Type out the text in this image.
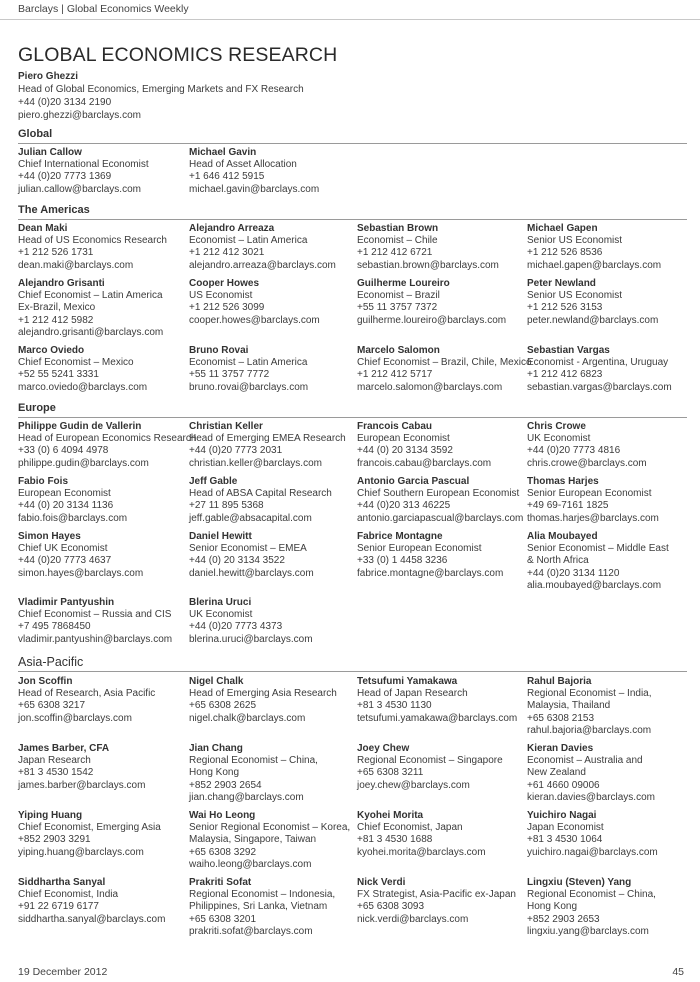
Barclays | Global Economics Weekly
GLOBAL ECONOMICS RESEARCH
Piero Ghezzi
Head of Global Economics, Emerging Markets and FX Research
+44 (0)20 3134 2190
piero.ghezzi@barclays.com
Global
Julian Callow
Chief International Economist
+44 (0)20 7773 1369
julian.callow@barclays.com
Michael Gavin
Head of Asset Allocation
+1 646 412 5915
michael.gavin@barclays.com
The Americas
Dean Maki
Head of US Economics Research
+1 212 526 1731
dean.maki@barclays.com
Alejandro Arreaza
Economist – Latin America
+1 212 412 3021
alejandro.arreaza@barclays.com
Sebastian Brown
Economist – Chile
+1 212 412 6721
sebastian.brown@barclays.com
Michael Gapen
Senior US Economist
+1 212 526 8536
michael.gapen@barclays.com
Alejandro Grisanti
Chief Economist – Latin America
Ex-Brazil, Mexico
+1 212 412 5982
alejandro.grisanti@barclays.com
Cooper Howes
US Economist
+1 212 526 3099
cooper.howes@barclays.com
Guilherme Loureiro
Economist – Brazil
+55 11 3757 7372
guilherme.loureiro@barclays.com
Peter Newland
Senior US Economist
+1 212 526 3153
peter.newland@barclays.com
Marco Oviedo
Chief Economist – Mexico
+52 55 5241 3331
marco.oviedo@barclays.com
Bruno Rovai
Economist – Latin America
+55 11 3757 7772
bruno.rovai@barclays.com
Marcelo Salomon
Chief Economist – Brazil, Chile, Mexico
+1 212 412 5717
marcelo.salomon@barclays.com
Sebastian Vargas
Economist - Argentina, Uruguay
+1 212 412 6823
sebastian.vargas@barclays.com
Europe
Philippe Gudin de Vallerin
Head of European Economics Research
+33 (0) 6 4094 4978
philippe.gudin@barclays.com
Christian Keller
Head of Emerging EMEA Research
+44 (0)20 7773 2031
christian.keller@barclays.com
Francois Cabau
European Economist
+44 (0) 20 3134 3592
francois.cabau@barclays.com
Chris Crowe
UK Economist
+44 (0)20 7773 4816
chris.crowe@barclays.com
Fabio Fois
European Economist
+44 (0) 20 3134 1136
fabio.fois@barclays.com
Jeff Gable
Head of ABSA Capital Research
+27 11 895 5368
jeff.gable@absacapital.com
Antonio Garcia Pascual
Chief Southern European Economist
+44 (0)20 313 46225
antonio.garciapascual@barclays.com
Thomas Harjes
Senior European Economist
+49 69-7161 1825
thomas.harjes@barclays.com
Simon Hayes
Chief UK Economist
+44 (0)20 7773 4637
simon.hayes@barclays.com
Daniel Hewitt
Senior Economist – EMEA
+44 (0) 20 3134 3522
daniel.hewitt@barclays.com
Fabrice Montagne
Senior European Economist
+33 (0) 1 4458 3236
fabrice.montagne@barclays.com
Alia Moubayed
Senior Economist – Middle East
& North Africa
+44 (0)20 3134 1120
alia.moubayed@barclays.com
Vladimir Pantyushin
Chief Economist – Russia and CIS
+7 495 7868450
vladimir.pantyushin@barclays.com
Blerina Uruci
UK Economist
+44 (0)20 7773 4373
blerina.uruci@barclays.com
Asia-Pacific
Jon Scoffin
Head of Research, Asia Pacific
+65 6308 3217
jon.scoffin@barclays.com
Nigel Chalk
Head of Emerging Asia Research
+65 6308 2625
nigel.chalk@barclays.com
Tetsufumi Yamakawa
Head of Japan Research
+81 3 4530 1130
tetsufumi.yamakawa@barclays.com
Rahul Bajoria
Regional Economist – India,
Malaysia, Thailand
+65 6308 2153
rahul.bajoria@barclays.com
James Barber, CFA
Japan Research
+81 3 4530 1542
james.barber@barclays.com
Jian Chang
Regional Economist – China,
Hong Kong
+852 2903 2654
jian.chang@barclays.com
Joey Chew
Regional Economist – Singapore
+65 6308 3211
joey.chew@barclays.com
Kieran Davies
Economist – Australia and
New Zealand
+61 4660 09006
kieran.davies@barclays.com
Yiping Huang
Chief Economist, Emerging Asia
+852 2903 3291
yiping.huang@barclays.com
Wai Ho Leong
Senior Regional Economist – Korea,
Malaysia, Singapore, Taiwan
+65 6308 3292
waiho.leong@barclays.com
Kyohei Morita
Chief Economist, Japan
+81 3 4530 1688
kyohei.morita@barclays.com
Yuichiro Nagai
Japan Economist
+81 3 4530 1064
yuichiro.nagai@barclays.com
Siddhartha Sanyal
Chief Economist, India
+91 22 6719 6177
siddhartha.sanyal@barclays.com
Prakriti Sofat
Regional Economist – Indonesia,
Philippines, Sri Lanka, Vietnam
+65 6308 3201
prakriti.sofat@barclays.com
Nick Verdi
FX Strategist, Asia-Pacific ex-Japan
+65 6308 3093
nick.verdi@barclays.com
Lingxiu (Steven) Yang
Regional Economist – China,
Hong Kong
+852 2903 2653
lingxiu.yang@barclays.com
19 December 2012	45
